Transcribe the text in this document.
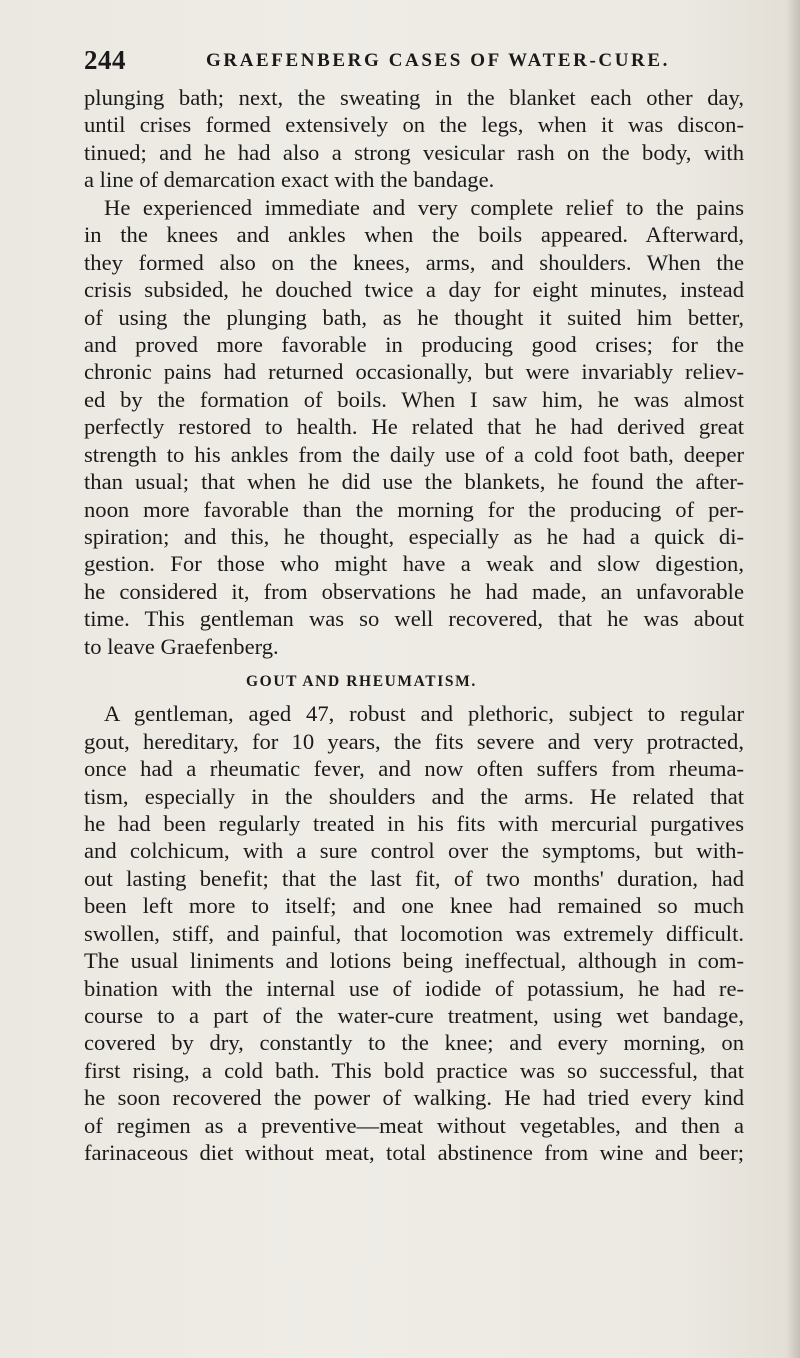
244	GRAEFENBERG CASES OF WATER-CURE.
plunging bath; next, the sweating in the blanket each other day,
until crises formed extensively on the legs, when it was discon-
tinued; and he had also a strong vesicular rash on the body, with
a line of demarcation exact with the bandage.
He experienced immediate and very complete relief to the pains
in the knees and ankles when the boils appeared. Afterward,
they formed also on the knees, arms, and shoulders. When the
crisis subsided, he douched twice a day for eight minutes, instead
of using the plunging bath, as he thought it suited him better,
and proved more favorable in producing good crises; for the
chronic pains had returned occasionally, but were invariably reliev-
ed by the formation of boils. When I saw him, he was almost
perfectly restored to health. He related that he had derived great
strength to his ankles from the daily use of a cold foot bath, deeper
than usual; that when he did use the blankets, he found the after-
noon more favorable than the morning for the producing of per-
spiration; and this, he thought, especially as he had a quick di-
gestion. For those who might have a weak and slow digestion,
he considered it, from observations he had made, an unfavorable
time. This gentleman was so well recovered, that he was about
to leave Graefenberg.
GOUT AND RHEUMATISM.
A gentleman, aged 47, robust and plethoric, subject to regular
gout, hereditary, for 10 years, the fits severe and very protracted,
once had a rheumatic fever, and now often suffers from rheuma-
tism, especially in the shoulders and the arms. He related that
he had been regularly treated in his fits with mercurial purgatives
and colchicum, with a sure control over the symptoms, but with-
out lasting benefit; that the last fit, of two months' duration, had
been left more to itself; and one knee had remained so much
swollen, stiff, and painful, that locomotion was extremely difficult.
The usual liniments and lotions being ineffectual, although in com-
bination with the internal use of iodide of potassium, he had re-
course to a part of the water-cure treatment, using wet bandage,
covered by dry, constantly to the knee; and every morning, on
first rising, a cold bath. This bold practice was so successful, that
he soon recovered the power of walking. He had tried every kind
of regimen as a preventive—meat without vegetables, and then a
farinaceous diet without meat, total abstinence from wine and beer;
